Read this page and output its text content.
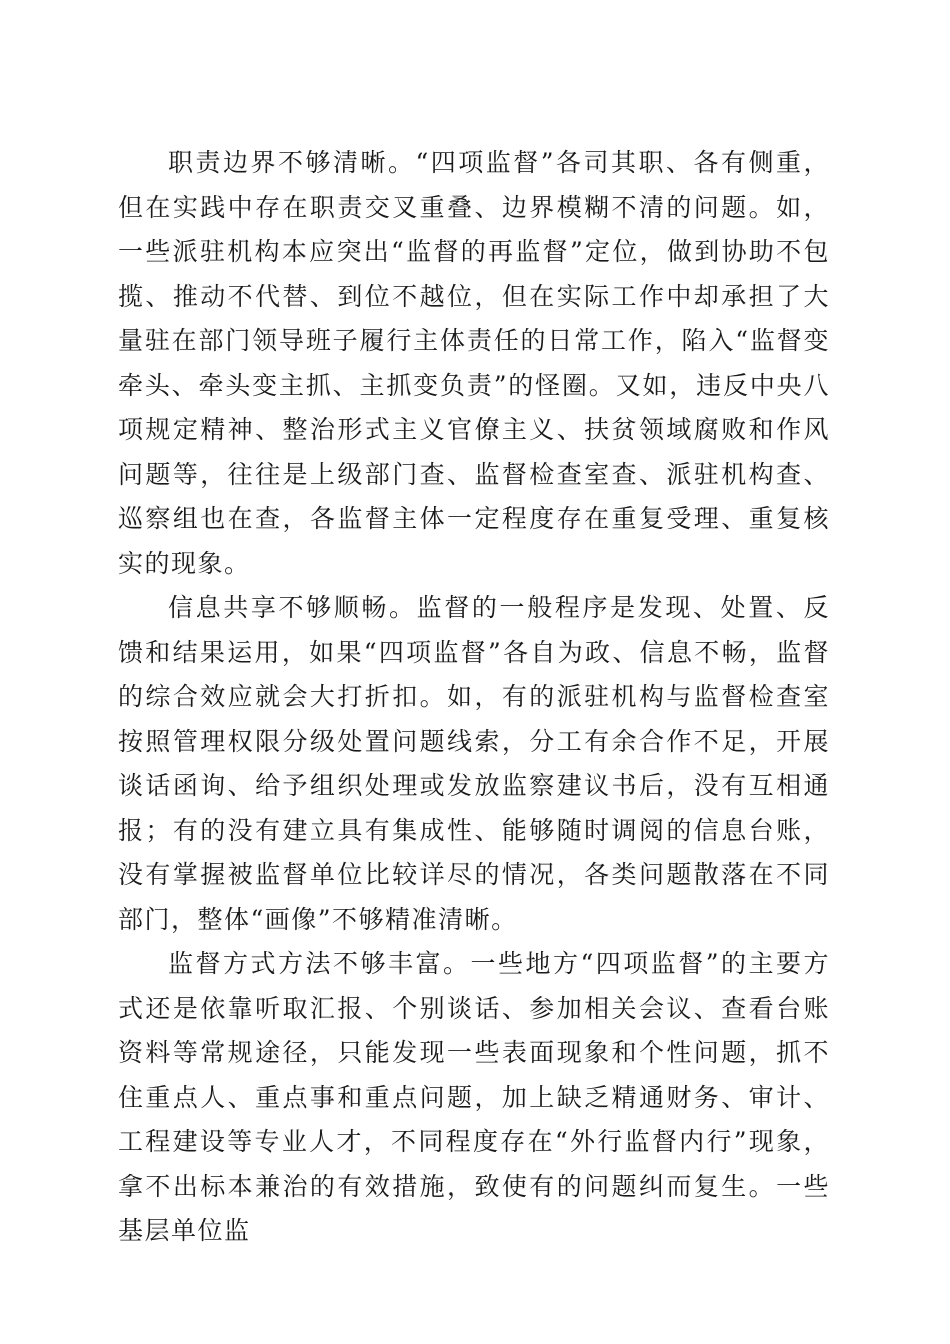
职责边界不够清晰。“四项监督”各司其职、各有侧重，但在实践中存在职责交叉重叠、边界模糊不清的问题。如，一些派驻机构本应突出“监督的再监督”定位，做到协助不包揽、推动不代替、到位不越位，但在实际工作中却承担了大量驻在部门领导班子履行主体责任的日常工作，陷入“监督变牵头、牵头变主抓、主抓变负责”的怪圈。又如，违反中央八项规定精神、整治形式主义官僚主义、扶贫领域腐败和作风问题等，往往是上级部门查、监督检查室查、派驻机构查、巡察组也在查，各监督主体一定程度存在重复受理、重复核实的现象。

信息共享不够顺畅。监督的一般程序是发现、处置、反馈和结果运用，如果“四项监督”各自为政、信息不畅，监督的综合效应就会大打折扣。如，有的派驻机构与监督检查室按照管理权限分级处置问题线索，分工有余合作不足，开展谈话函询、给予组织处理或发放监察建议书后，没有互相通报；有的没有建立具有集成性、能够随时调阅的信息台账，没有掌握被监督单位比较详尽的情况，各类问题散落在不同部门，整体“画像”不够精准清晰。

监督方式方法不够丰富。一些地方“四项监督”的主要方式还是依靠听取汇报、个别谈话、参加相关会议、查看台账资料等常规途径，只能发现一些表面现象和个性问题，抓不住重点人、重点事和重点问题，加上缺乏精通财务、审计、工程建设等专业人才，不同程度存在“外行监督内行”现象，拿不出标本兼治的有效措施，致使有的问题纠而复生。一些基层单位监
